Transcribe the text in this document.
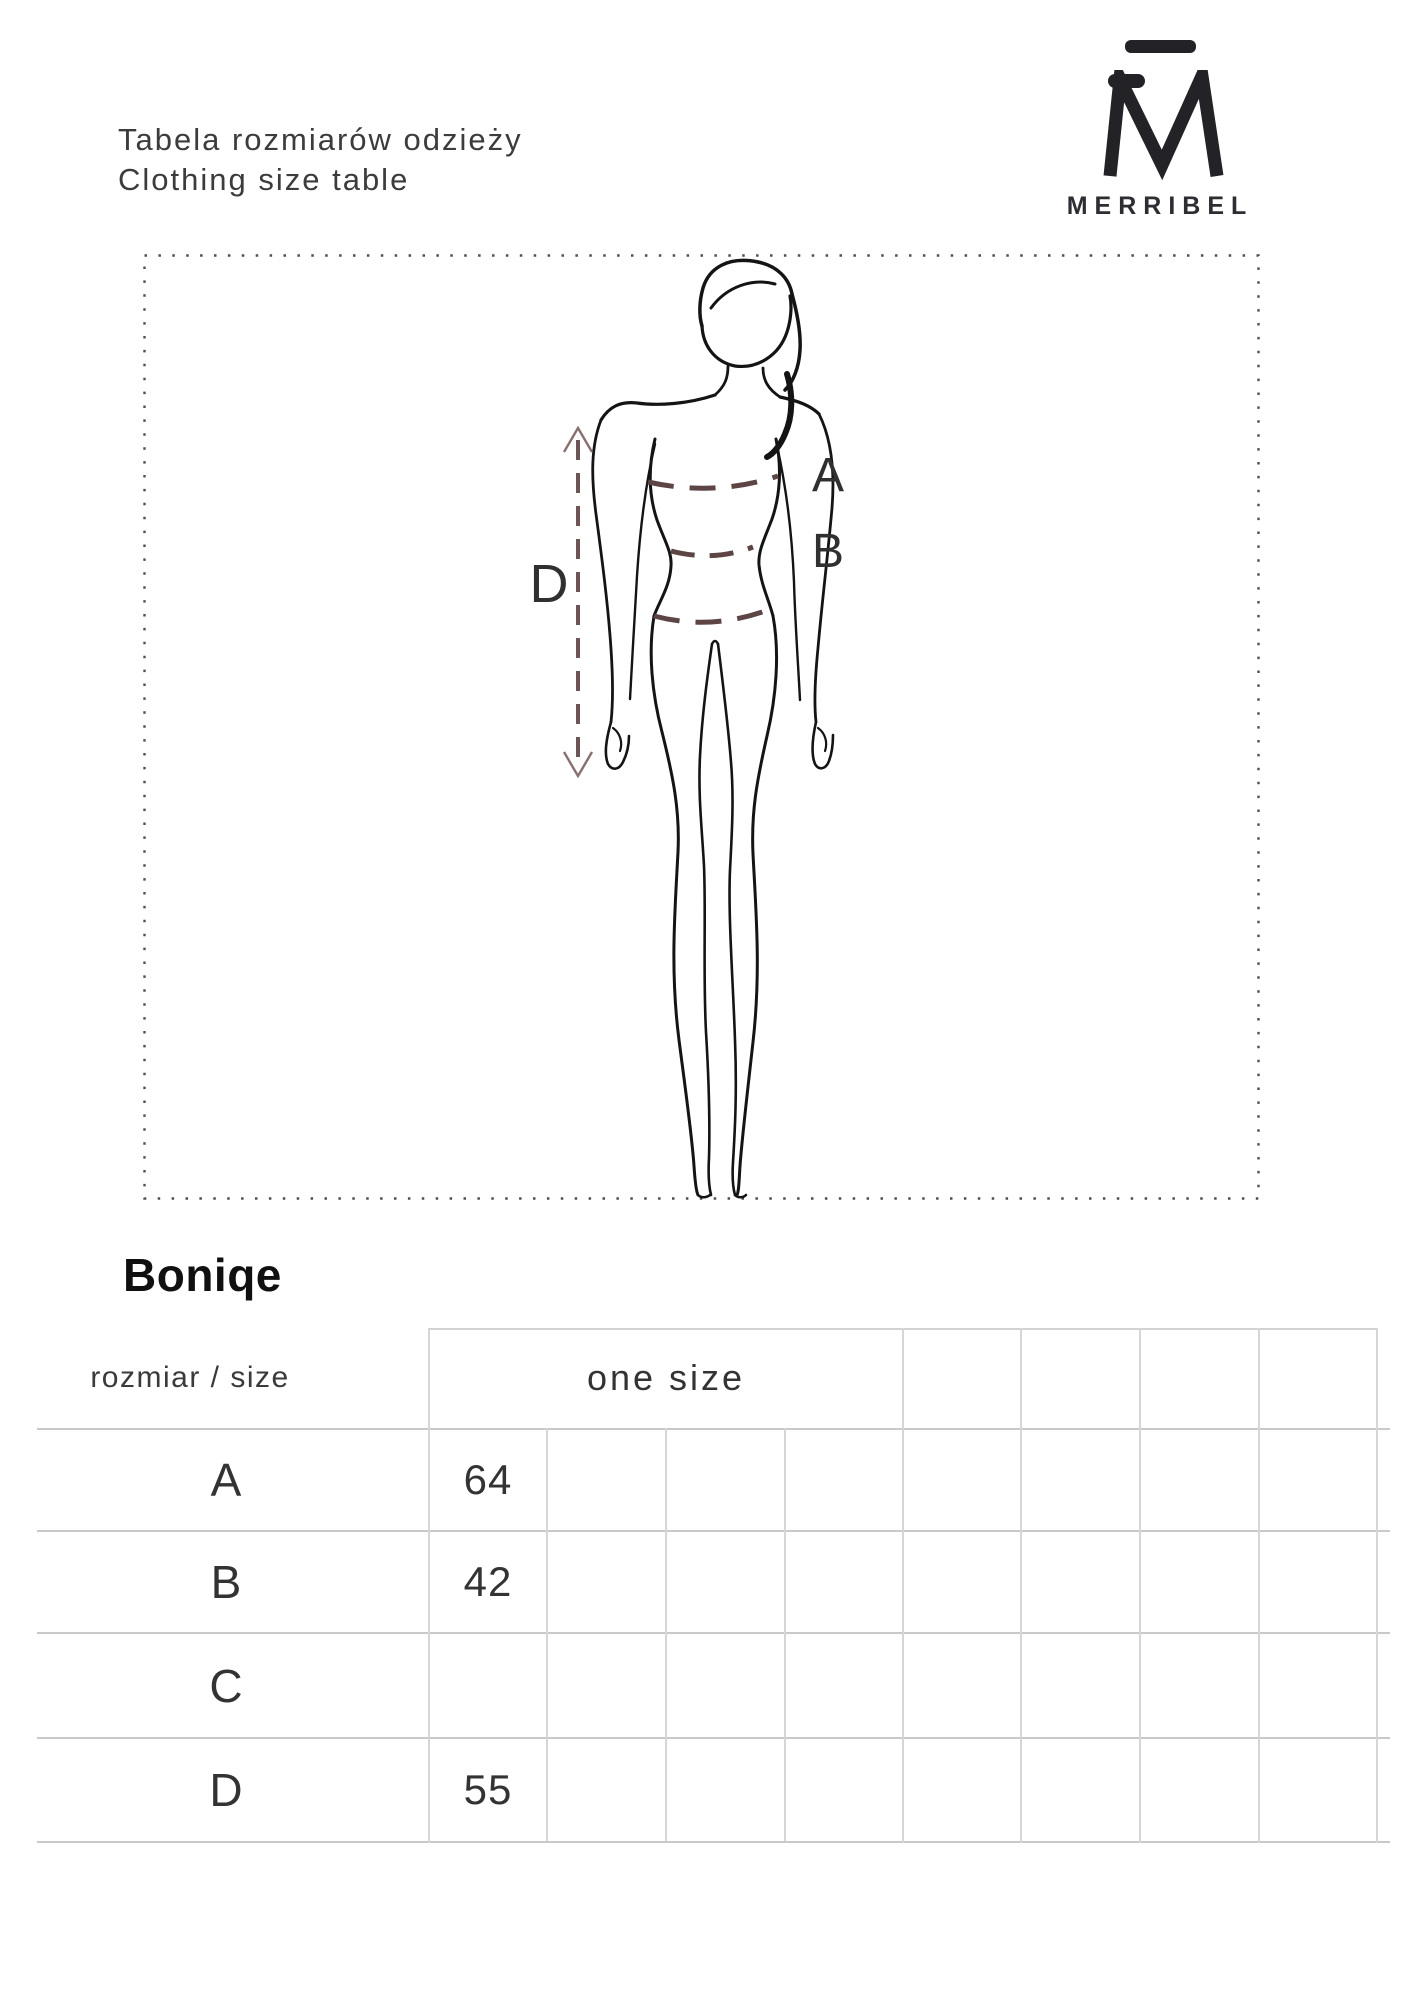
Tabela rozmiarów odzieży
Clothing size table
MERRIBEL
A
B
D
Boniqe
rozmiar / size	one size
A
B
C
D
64
42
55
